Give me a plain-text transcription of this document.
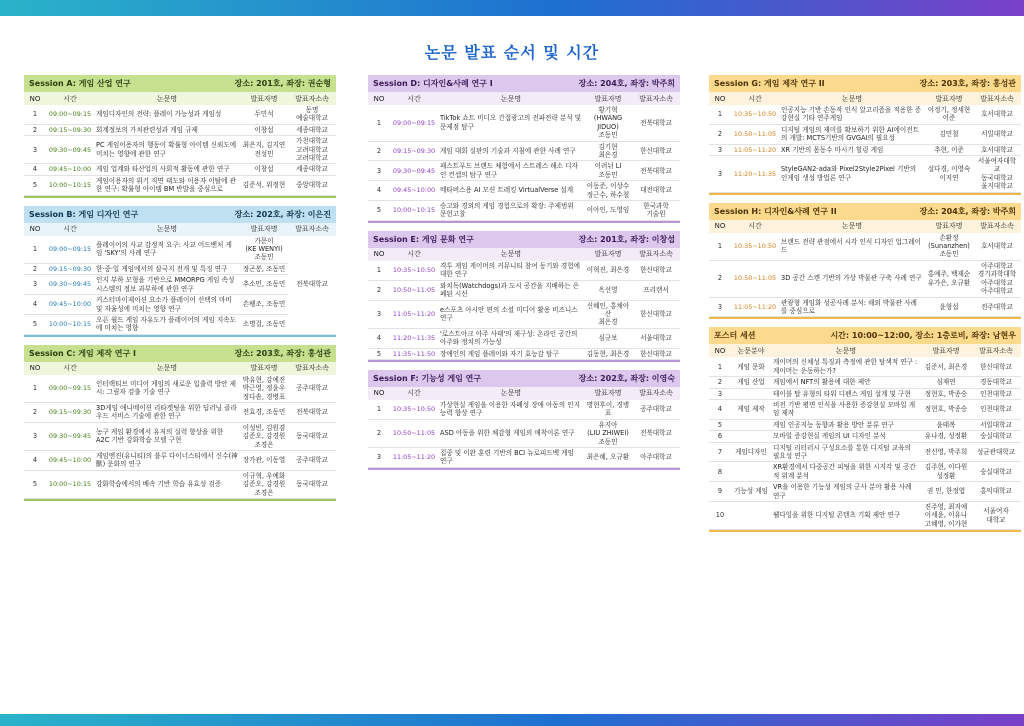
논문 발표 순서 및 시간
Session A: 게임 산업 연구	장소: 201호, 좌장: 권순형
NO	시간	논문명	발표자명	발표자소속
1	09:00~09:15	게임디자인의 전략: 플레이 가능성과 게임성	두민석	동명
예술대학교
2	09:15~09:30	회계정보의 가치관련성과 게임 규제	이창섭	세종대학교
3	09:30~09:45	PC 게임이용자의 행동이 확률형 아이템 신뢰도에 미치는 영향에 관한 연구	최은지, 김지연
전성민	가천대학교
고려대학교
고려대학교
4	09:45~10:00	게임 업계와 타산업의 사회적 활동에 관한 연구	이창섭	세종대학교
5	10:00~10:15	게임이용자의 위기 직면 태도와 이용자 이탈에 관한 연구: 확률형 아이템 BM 반발을 중심으로	김준석, 위정현	중앙대학교
Session B: 게임 디자인 연구	장소: 202호, 좌장: 이은진
NO	시간	논문명	발표자명	발표자소속
1	09:00~09:15	플레이어의 사교 감정적 요구: 사교 어드벤처 게임 'SKY'의 사례 연구	가문이
(KE WENYI)
조동민	전북대학교
2	09:15~09:30	한·중·일 게임에서의 삼국지 전개 및 특징 연구	정곤봉, 조동민	
3	09:30~09:45	인지 부하 모형을 기반으로 MMORPG 게임 속성 시스템의 정보 과부하에 관한 연구	추소민, 조동민	
4	09:45~10:00	커스터마이제이션 요소가 플레이어 선택의 마비 및 자율성에 미치는 영향 연구	손팽조, 조동민	
5	10:00~10:15	오픈 월드 게임 자유도가 플레이어의 게임 지속도에 미치는 영향	소명걸, 조동민	
Session C: 게임 제작 연구 I	장소: 203호, 좌장: 홍성관
NO	시간	논문명	발표자명	발표자소속
1	09:00~09:15	인터랙티브 미디어 게임의 새로운 입출력 방안 제시: 그림자 검출 기술 연구	박유현, 강예진
박근영, 정윤우
정다솜, 경병표	공주대학교
2	09:15~09:30	3D게임 애니메이션 리타겟팅을 위한 딥러닝 클라우드 서비스 기술에 관한 연구	전효경, 조동민	전북대학교
3	09:30~09:45	농구 게임 환경에서 유저의 실력 향상을 위한 A2C 기반 강화학습 모델 구현	이성빈, 김원겸
김준오, 강경원
조경은	동국대학교
4	09:45~10:00	게임엔진(유니티)의 블루 다이너스티에서 신수(神獸) 문화의 연구	장가관, 이동열	공주대학교
5	10:00~10:15	강화학습에서의 배속 기반 학습 유효성 검증	이규혁, 우예화
김준오, 강경원
조경은	동국대학교
Session D: 디자인&사례 연구 I	장소: 204호, 좌장: 박주희
NO	시간	논문명	발표자명	발표자소속
1	09:00~09:15	TikTok 쇼트 비디오 간접광고의 전파전략 분석 및 문제점 탐구	황기혁
(HWANG JIDUO)
조동민	전북대학교
2	09:15~09:30	게임 대회 실판의 기술과 지침에 관한 사례 연구	김기현
최은경	한신대학교
3	09:30~09:45	패스트푸드 브랜드 체험에서 스트레스 해소 디자인 컨셉의 탐구 연구	이려뉘 LI
조동민	전북대학교
4	09:45~10:00	메타버스용 AI 모션 트레킹 VirtualVerse 설계	이동준, 이상수
정근수, 하수철	대전대학교
5	10:00~10:15	승고와 경외의 게임 경험으로의 확장: 주제범위 문헌고찰	이아인, 도영임	한국과학
기술원
Session E: 게임 문화 연구	장소: 201호, 좌장: 이창섭
NO	시간	논문명	발표자명	발표자소속
1	10:35~10:50	격투 게임 게이머의 커뮤니티 참여 동기와 경험에 대한 연구	이혁진, 최은경	한신대학교
2	10:50~11:05	와치독(Watchdogs)과 도시 공간을 지배하는 은폐된 시선	옥선영	프리랜서
3	11:05~11:20	e스포츠 아시안 편의 소셜 미디어 활용 비즈니스 연구	신혜인, 홍채아산
최은경	한신대학교
4	11:20~11:35	'로스트아크 아주 사태'의 재구성: 온라인 공간의 아주와 정치의 가능성	심규보	서울대학교
5	11:35~11:50	장애인의 게임 플레이와 자기 효능감 탐구	김동현, 최은경	한신대학교
Session F: 기능성 게임 연구	장소: 202호, 좌장: 이영숙
NO	시간	논문명	발표자명	발표자소속
1	10:35~10:50	가상현실 게임을 이용한 자폐성 장애 아동의 인지능력 향상 연구	명현후이, 경병표	공주대학교
2	10:50~11:05	ASD 아동을 위한 체감형 게임의 애착이론 연구	유지아
(LIU ZHIWEI)
조동민	전북대학교
3	11:05~11:20	집중 및 이완 훈련 기반의 BCI 뉴로피드백 게임 연구	최은혜, 오규환	아주대학교
Session G: 게임 제작 연구 II	장소: 203호, 좌장: 홍성관
NO	시간	논문명	발표자명	발표자소속
1	10:35~10:50	인공지능 기반 손동작 인식 알고리즘을 적용한 증강현실 기타 연주게임	이정기, 정세현
이준	호서대학교
2	10:50~11:05	디지털 게임의 재미를 확보하기 위한 AI에이전트의 개발: MCTS기반의 GVGAI의 필요성	김민철	서일대학교
3	11:05~11:20	XR 기반의 몸동수 마시기 힐링 게임	추현, 이준	호서대학교
3	11:20~11:35	StyleGAN2-ada와 Pixel2Style2Pixel 기반의 인게임 생성 방법론 연구	설다경, 이영숙
이지연	서울여자대학교
동국대학교
울지대학교
Session H: 디자인&사례 연구 II	장소: 204호, 좌장: 박주희
NO	시간	논문명	발표자명	발표자소속
1	10:35~10:50	브랜드 전략 관점에서 시각 인식 디자인 업그레이드	손환정
(Sunanzhen)
조동민	호서대학교
2	10:50~11:05	3D 공간 스캔 기반의 가상 박물관 구축 사례 연구	홍예주, 백재순
유가은, 오규환	아주대학교
경기과학대학
아주대학교
아주대학교
3	11:05~11:20	관광형 게임화 성공사례 분석: 해외 박물관 사례를 중심으로	윤형섭	전주대학교
포스터 세션	시간: 10:00~12:00, 장소: 1층로비, 좌장: 남현우
NO	논문분야	논문명	발표자명	발표자소속
1	게임 문화	게이머의 신체성 특징과 측정에 관한 탐색적 연구 : 게이머는 운동하는가?	김준서, 최은경	한신대학교
2	게임 산업	게임에서 NFT의 활용에 대한 제안	심재연	경동대학교
3		테이블 탑 유형의 타워 디펜스 게임 설계 및 구현	정현호, 박종승	인천대학교
4	게임 제작	비전 기반 평면 인식을 사용한 증강현실 모바일 게임 제작	정현호, 박종승	인천대학교
5		게임 인공지능 동향과 활용 방안 분류 연구	윤태복	서일대학교
6		모바일 증강현실 게임의 UI 디자인 분석	유나경, 성정환	숭실대학교
7	게임디자인	디지털 리터러시 구성요소를 통한 디지털 교육의 필요성 연구	전신영, 박주희	성균관대학교
8		XR환경에서 다중공간 피팅을 위한 시지각 및 공간적 위계 분석	김주현, 이다원
성정환	숭실대학교
9	기능성 게임	VR을 이용한 기능성 게임의 군사 분야 활용 사례 연구	권 민, 한정엽	홍익대학교
10		웰다잉을 위한 디지털 콘텐츠 기획 제안 연구	진주영, 최지예
이세윤, 이유나
고혜영, 이가현	서울여자
대학교
